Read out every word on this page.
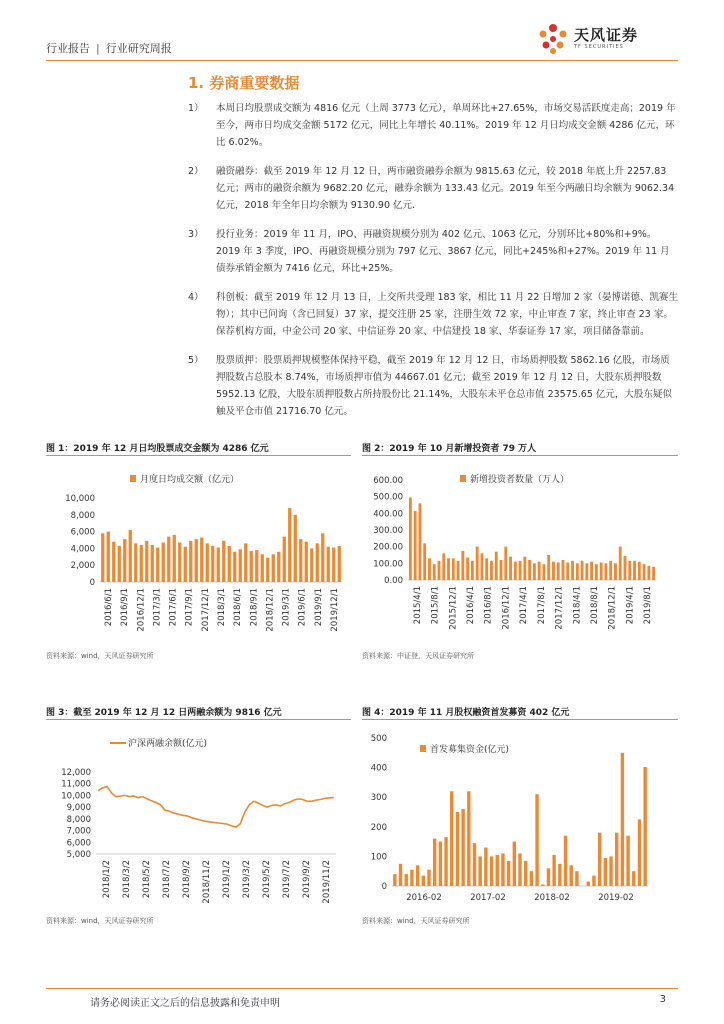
行业报告 | 行业研究周报
天风证券
TF SECURITIES
1. 券商重要数据
1） 本周日均股票成交额为 4816 亿元（上周 3773 亿元），单周环比+27.65%，市场交易活跃度走高；2019 年至今，两市日均成交金额 5172 亿元，同比上年增长 40.11%。2019 年 12 月日均成交金额 4286 亿元，环比 6.02%。
2） 融资融券：截至 2019 年 12 月 12 日，两市融资融券余额为 9815.63 亿元，较 2018 年底上升 2257.83 亿元；两市的融资余额为 9682.20 亿元，融券余额为 133.43 亿元。2019 年至今两融日均余额为 9062.34 亿元，2018 年全年日均余额为 9130.90 亿元.
3） 投行业务：2019 年 11 月，IPO、再融资规模分别为 402 亿元、1063 亿元，分别环比+80%和+9%。2019 年 3 季度，IPO、再融资规模分别为 797 亿元、3867 亿元，同比+245%和+27%。2019 年 11 月债券承销金额为 7416 亿元，环比+25%。
4） 科创板：截至 2019 年 12 月 13 日，上交所共受理 183 家，相比 11 月 22 日增加 2 家（晏博诺德、凯赛生物）；其中已问询（含已回复）37 家，提交注册 25 家，注册生效 72 家，中止审查 7 家，终止审查 23 家。保荐机构方面，中金公司 20 家、中信证券 20 家、中信建投 18 家、华泰证券 17 家，项目储备靠前。
5） 股票质押：股票质押规模整体保持平稳，截至 2019 年 12 月 12 日，市场质押股数 5862.16 亿股，市场质押股数占总股本 8.74%，市场质押市值为 44667.01 亿元；截至 2019 年 12 月 12 日，大股东质押股数 5952.13 亿股，大股东质押股数占所持股份比 21.14%，大股东未平仓总市值 23575.65 亿元，大股东疑似触及平仓市值 21716.70 亿元。
图 1：2019 年 12 月日均股票成交金额为 4286 亿元
0
2,000
4,000
6,000
8,000
10,000
2016/6/1 2016/9/1 2016/12/1 2017/3/1 2017/6/1 2017/9/1 2017/12/1 2018/3/1 2018/6/1 2018/9/1 2018/12/1 2019/3/1 2019/6/1 2019/9/1 2019/12/1
月度日均成交额（亿元）
资料来源：wind，天风证券研究所
图 2：2019 年 10 月新增投资者 79 万人
0.00
100.00
200.00
300.00
400.00
500.00
600.00
2015/4/1 2015/8/1 2015/12/1 2016/4/1 2016/8/1 2016/12/1 2017/4/1 2017/8/1 2017/12/1 2018/4/1 2018/8/1 2018/12/1 2019/4/1 2019/8/1
新增投资者数量（万人）
资料来源：中证登，天风证券研究所
图 3：截至 2019 年 12 月 12 日两融余额为 9816 亿元
5,000
6,000
7,000
8,000
9,000
10,000
11,000
12,000
2018/1/2 2018/3/2 2018/5/2 2018/7/2 2018/9/2 2018/11/2 2019/1/2 2019/3/2 2019/5/2 2019/7/2 2019/9/2 2019/11/2
沪深两融余额(亿元)
资料来源：wind，天风证券研究所
图 4：2019 年 11 月股权融资首发募资 402 亿元
0
100
200
300
400
500
2016-02	2017-02	2018-02	2019-02
首发募集资金(亿元)
资料来源：wind，天风证券研究所
请务必阅读正文之后的信息披露和免责申明	3
